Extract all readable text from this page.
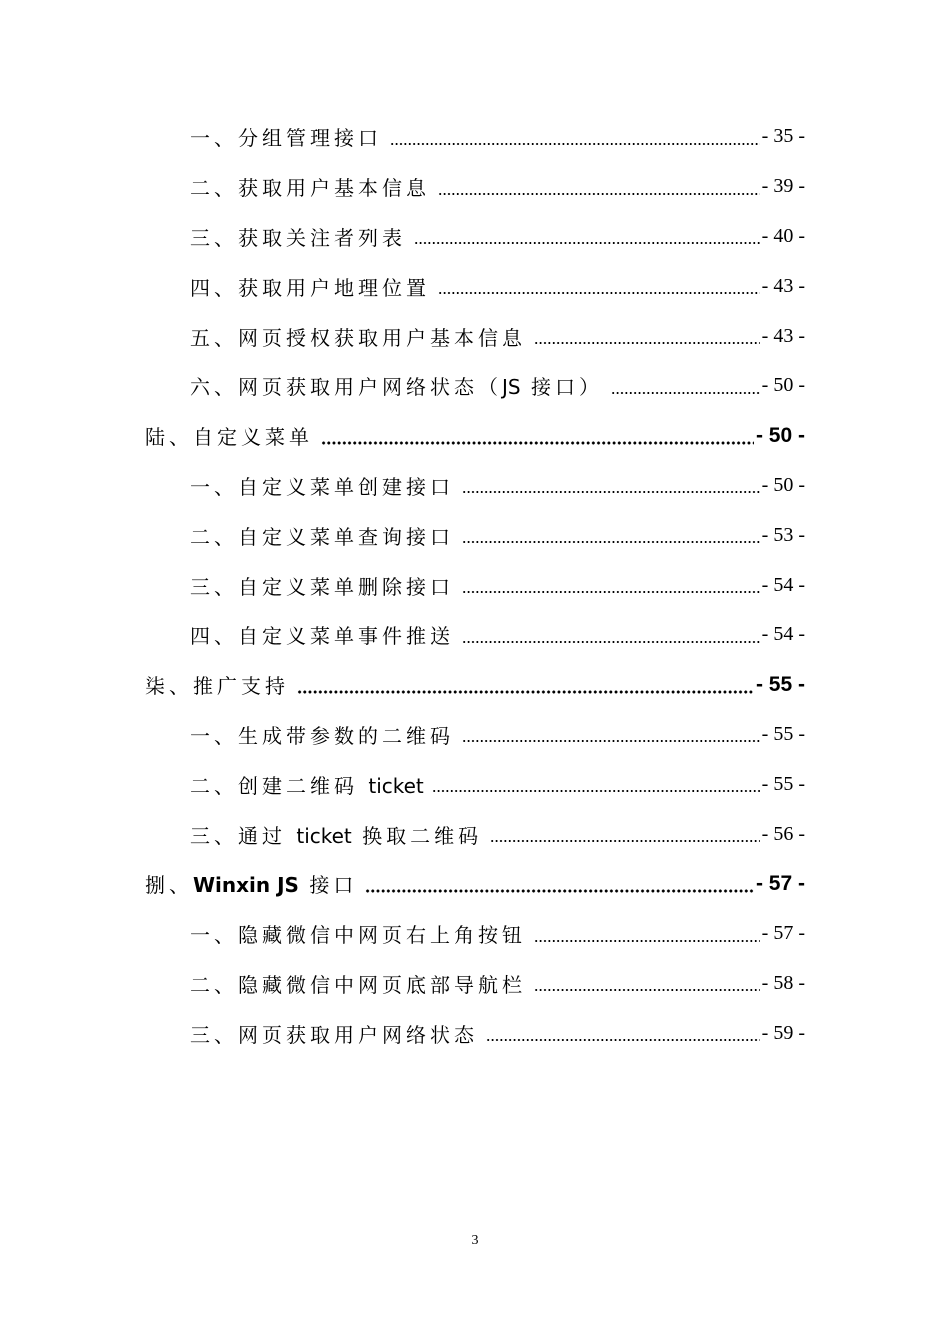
一、分组管理接口	- 35 -
二、获取用户基本信息	- 39 -
三、获取关注者列表	- 40 -
四、获取用户地理位置	- 43 -
五、网页授权获取用户基本信息	- 43 -
六、网页获取用户网络状态（JS 接口）	- 50 -
陆、自定义菜单	- 50 -
一、自定义菜单创建接口	- 50 -
二、自定义菜单查询接口	- 53 -
三、自定义菜单删除接口	- 54 -
四、自定义菜单事件推送	- 54 -
柒、推广支持	- 55 -
一、生成带参数的二维码	- 55 -
二、创建二维码 ticket	- 55 -
三、通过 ticket 换取二维码	- 56 -
捌、Winxin JS 接口	- 57 -
一、隐藏微信中网页右上角按钮	- 57 -
二、隐藏微信中网页底部导航栏	- 58 -
三、网页获取用户网络状态	- 59 -
3
